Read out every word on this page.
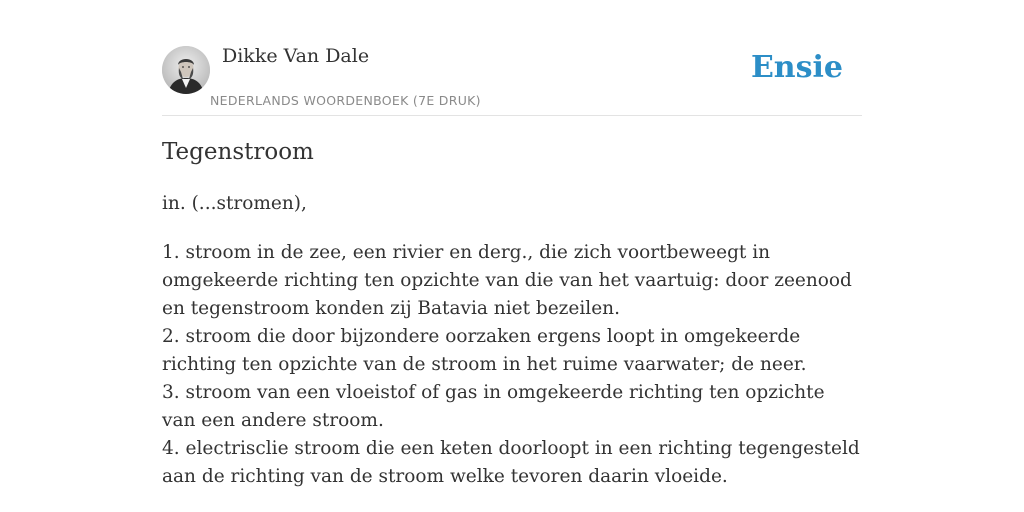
Dikke Van Dale
NEDERLANDS WOORDENBOEK (7E DRUK)
Ensie
Tegenstroom
in. (...stromen),
1. stroom in de zee, een rivier en derg., die zich voortbeweegt in omgekeerde richting ten opzichte van die van het vaartuig: door zeenood en tegenstroom konden zij Batavia niet bezeilen.
2. stroom die door bijzondere oorzaken ergens loopt in omgekeerde richting ten opzichte van de stroom in het ruime vaarwater; de neer.
3. stroom van een vloeistof of gas in omgekeerde richting ten opzichte van een andere stroom.
4. electrisclie stroom die een keten doorloopt in een richting tegengesteld aan de richting van de stroom welke tevoren daarin vloeide.
